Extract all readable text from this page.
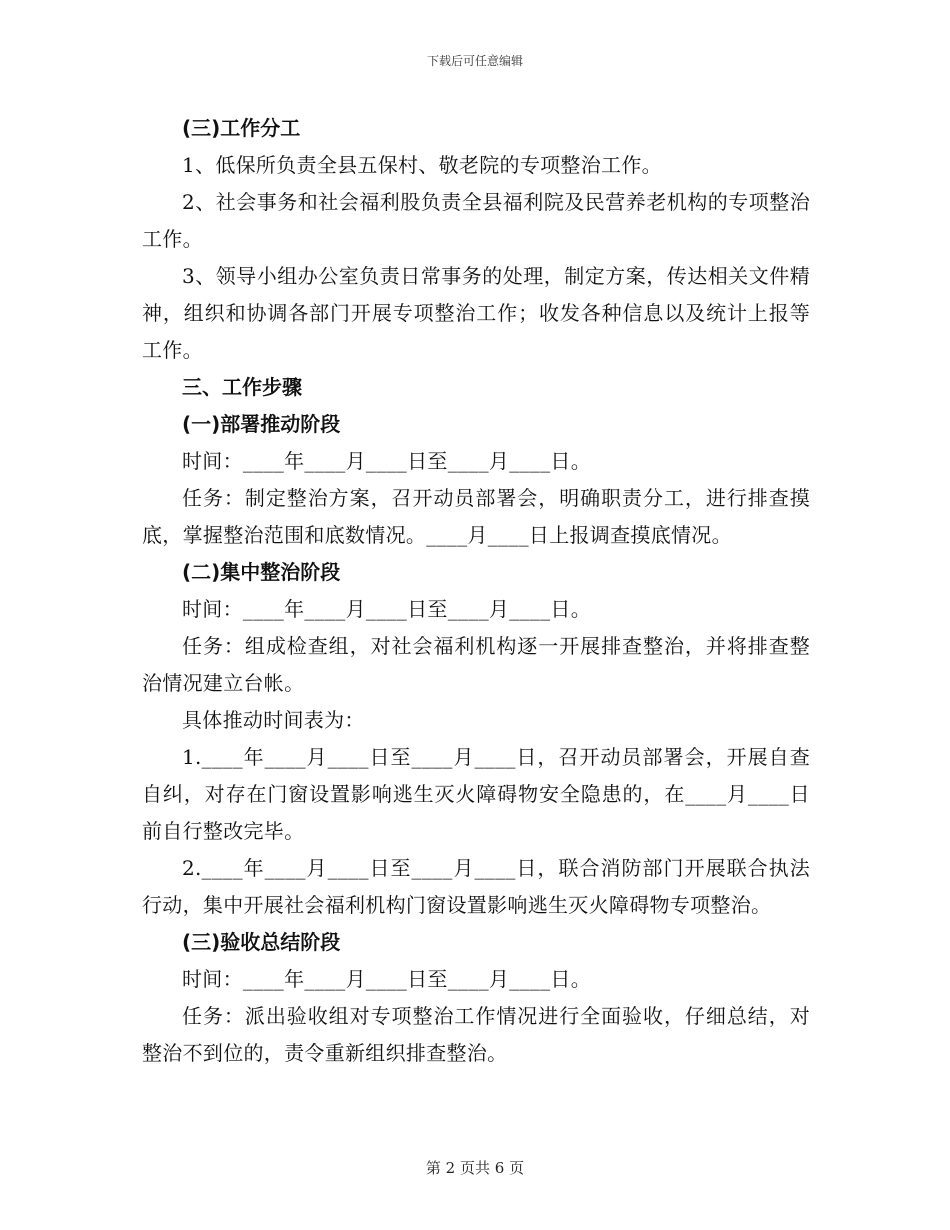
下载后可任意编辑

(三)工作分工

1、低保所负责全县五保村、敬老院的专项整治工作。

2、社会事务和社会福利股负责全县福利院及民营养老机构的专项整治工作。

3、领导小组办公室负责日常事务的处理，制定方案，传达相关文件精神，组织和协调各部门开展专项整治工作；收发各种信息以及统计上报等工作。

三、工作步骤

(一)部署推动阶段

时间：____年____月____日至____月____日。

任务：制定整治方案，召开动员部署会，明确职责分工，进行排查摸底，掌握整治范围和底数情况。____月____日上报调查摸底情况。

(二)集中整治阶段

时间：____年____月____日至____月____日。

任务：组成检查组，对社会福利机构逐一开展排查整治，并将排查整治情况建立台帐。

具体推动时间表为：

1.____年____月____日至____月____日，召开动员部署会，开展自查自纠，对存在门窗设置影响逃生灭火障碍物安全隐患的，在____月____日前自行整改完毕。

2.____年____月____日至____月____日，联合消防部门开展联合执法行动，集中开展社会福利机构门窗设置影响逃生灭火障碍物专项整治。

(三)验收总结阶段

时间：____年____月____日至____月____日。

任务：派出验收组对专项整治工作情况进行全面验收，仔细总结，对整治不到位的，责令重新组织排查整治。

第 2 页共 6 页
